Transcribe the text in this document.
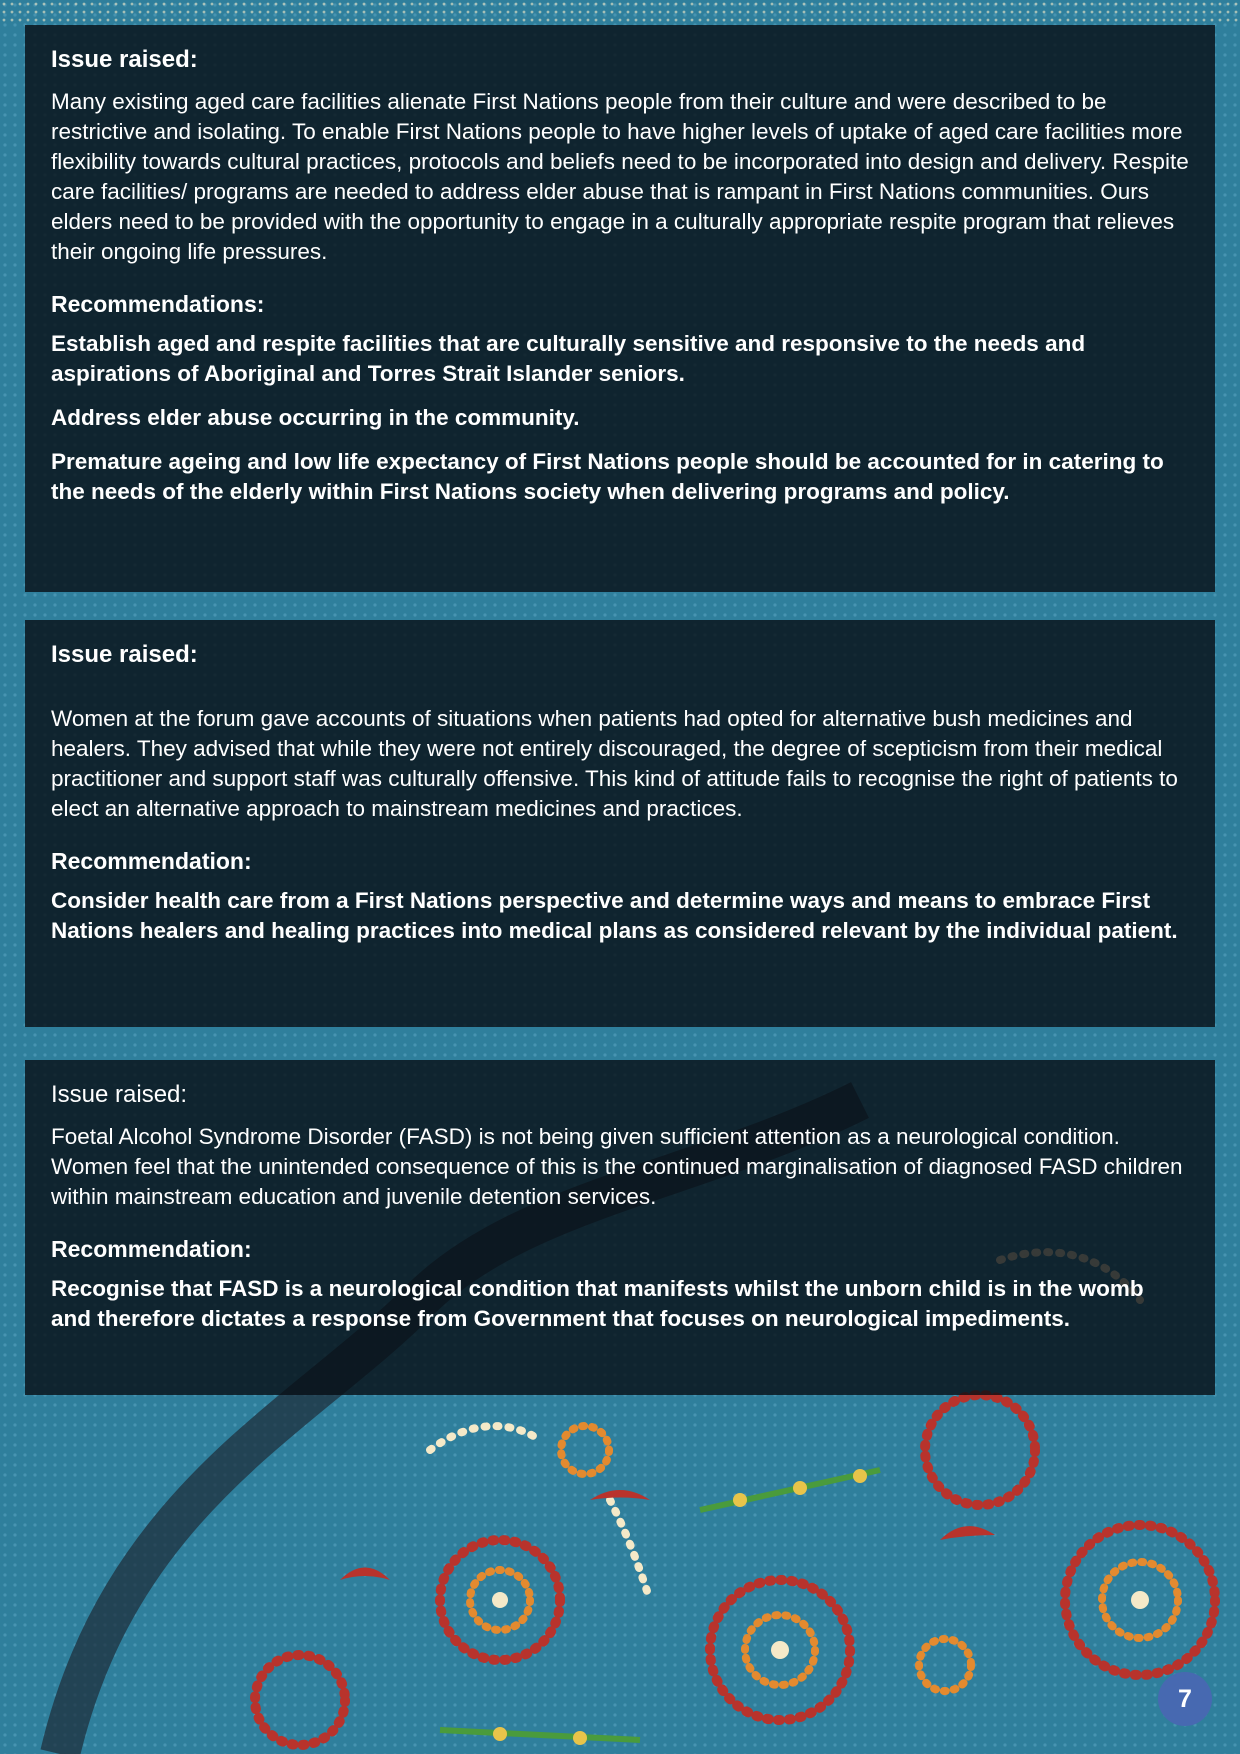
Issue raised:

Many existing aged care facilities alienate First Nations people from their culture and were described to be restrictive and isolating. To enable First Nations people to have higher levels of uptake of aged care facilities more flexibility towards cultural practices, protocols and beliefs need to be incorporated into design and delivery. Respite care facilities/ programs are needed to address elder abuse that is rampant in First Nations communities. Ours elders need to be provided with the opportunity to engage in a culturally appropriate respite program that relieves their ongoing life pressures.

Recommendations:

Establish aged and respite facilities that are culturally sensitive and responsive to the needs and aspirations of Aboriginal and Torres Strait Islander seniors.

Address elder abuse occurring in the community.

Premature ageing and low life expectancy of First Nations people should be accounted for in catering to the needs of the elderly within First Nations society when delivering programs and policy.

Issue raised:

Women at the forum gave accounts of situations when patients had opted for alternative bush medicines and healers. They advised that while they were not entirely discouraged, the degree of scepticism from their medical practitioner and support staff was culturally offensive. This kind of attitude fails to recognise the right of patients to elect an alternative approach to mainstream medicines and practices.

Recommendation:

Consider health care from a First Nations perspective and determine ways and means to embrace First Nations healers and healing practices into medical plans as considered relevant by the individual patient.

Issue raised:

Foetal Alcohol Syndrome Disorder (FASD) is not being given sufficient attention as a neurological condition. Women feel that the unintended consequence of this is the continued marginalisation of diagnosed FASD children within mainstream education and juvenile detention services.

Recommendation:

Recognise that FASD is a neurological condition that manifests whilst the unborn child is in the womb and therefore dictates a response from Government that focuses on neurological impediments.

7
